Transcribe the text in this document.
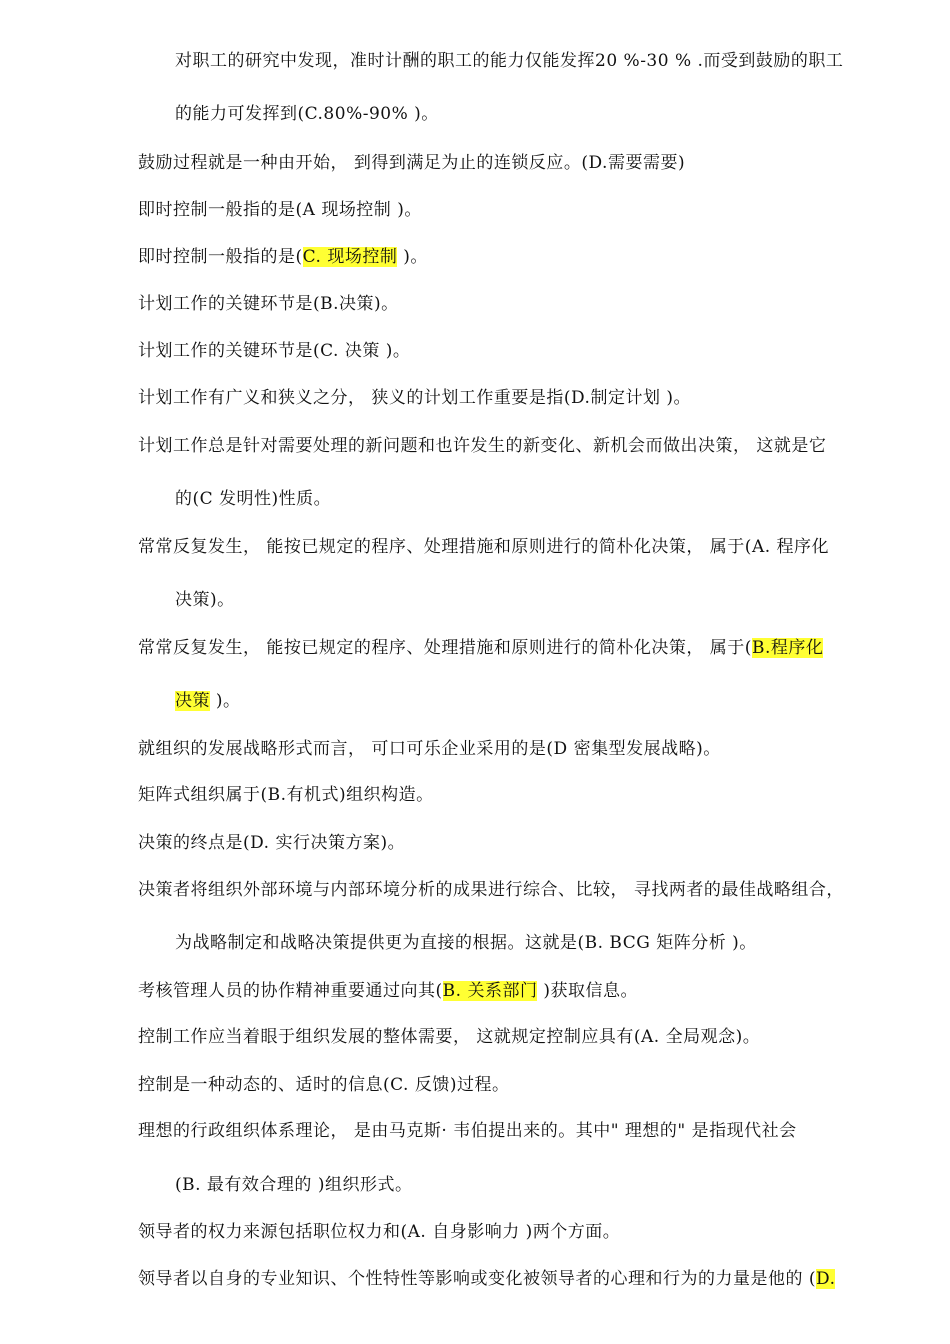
对职工的研究中发现，准时计酬的职工的能力仅能发挥20 %-30 % .而受到鼓励的职工
的能力可发挥到(C.80%-90% )。
鼓励过程就是一种由开始， 到得到满足为止的连锁反应。(D.需要需要)
即时控制一般指的是(A 现场控制 )。
即时控制一般指的是(C. 现场控制 )。
计划工作的关键环节是(B.决策)。
计划工作的关键环节是(C. 决策 )。
计划工作有广义和狭义之分， 狭义的计划工作重要是指(D.制定计划 )。
计划工作总是针对需要处理的新问题和也许发生的新变化、新机会而做出决策， 这就是它
的(C 发明性)性质。
常常反复发生， 能按已规定的程序、处理措施和原则进行的简朴化决策， 属于(A. 程序化
决策)。
常常反复发生， 能按已规定的程序、处理措施和原则进行的简朴化决策， 属于(B.程序化
决策 )。
就组织的发展战略形式而言， 可口可乐企业采用的是(D 密集型发展战略)。
矩阵式组织属于(B.有机式)组织构造。
决策的终点是(D. 实行决策方案)。
决策者将组织外部环境与内部环境分析的成果进行综合、比较， 寻找两者的最佳战略组合，
为战略制定和战略决策提供更为直接的根据。这就是(B. BCG 矩阵分析 )。
考核管理人员的协作精神重要通过向其(B. 关系部门 )获取信息。
控制工作应当着眼于组织发展的整体需要， 这就规定控制应具有(A. 全局观念)。
控制是一种动态的、适时的信息(C. 反馈)过程。
理想的行政组织体系理论， 是由马克斯· 韦伯提出来的。其中" 理想的" 是指现代社会
(B. 最有效合理的 )组织形式。
领导者的权力来源包括职位权力和(A. 自身影响力 )两个方面。
领导者以自身的专业知识、个性特性等影响或变化被领导者的心理和行为的力量是他的 (D.
